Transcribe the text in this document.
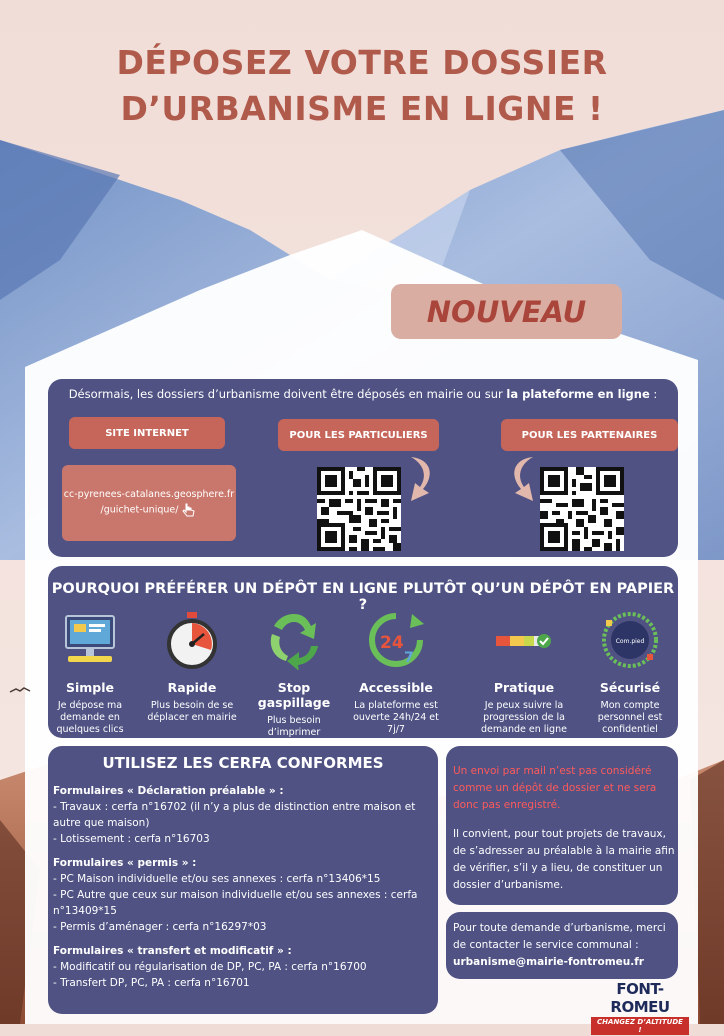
DÉPOSEZ VOTRE DOSSIER
D’URBANISME EN LIGNE !
NOUVEAU
Désormais, les dossiers d’urbanisme doivent être déposés en mairie ou sur la plateforme en ligne :
SITE INTERNET	POUR LES PARTICULIERS	POUR LES PARTENAIRES
cc-pyrenees-catalanes.geosphere.fr
/guichet-unique/
POURQUOI PRÉFÉRER UN DÉPÔT EN LIGNE PLUTÔT QU’UN DÉPÔT EN PAPIER ?
Simple
Je dépose ma demande en quelques clics
Rapide
Plus besoin de se déplacer en mairie
Stop gaspillage
Plus besoin d’imprimer
24
7
Accessible
La plateforme est ouverte 24h/24 et 7j/7
Pratique
Je peux suivre la progression de la demande en ligne
Com.pied
Sécurisé
Mon compte personnel est confidentiel
UTILISEZ LES CERFA CONFORMES
Formulaires « Déclaration préalable » :
- Travaux : cerfa n°16702 (il n’y a plus de distinction entre maison et autre que maison)
- Lotissement : cerfa n°16703
Formulaires « permis » :
- PC Maison individuelle et/ou ses annexes : cerfa n°13406*15
- PC Autre que ceux sur maison individuelle et/ou ses annexes : cerfa n°13409*15
- Permis d’aménager : cerfa n°16297*03
Formulaires « transfert et modificatif » :
- Modificatif ou régularisation de DP, PC, PA : cerfa n°16700
- Transfert DP, PC, PA : cerfa n°16701
Un envoi par mail n’est pas considéré comme un dépôt de dossier et ne sera donc pas enregistré.
Il convient, pour tout projets de travaux, de s’adresser au préalable à la mairie afin de vérifier, s’il y a lieu, de constituer un dossier d’urbanisme.
Pour toute demande d’urbanisme, merci de contacter le service communal :
urbanisme@mairie-fontromeu.fr
FONT-ROMEU
CHANGEZ D’ALTITUDE !
